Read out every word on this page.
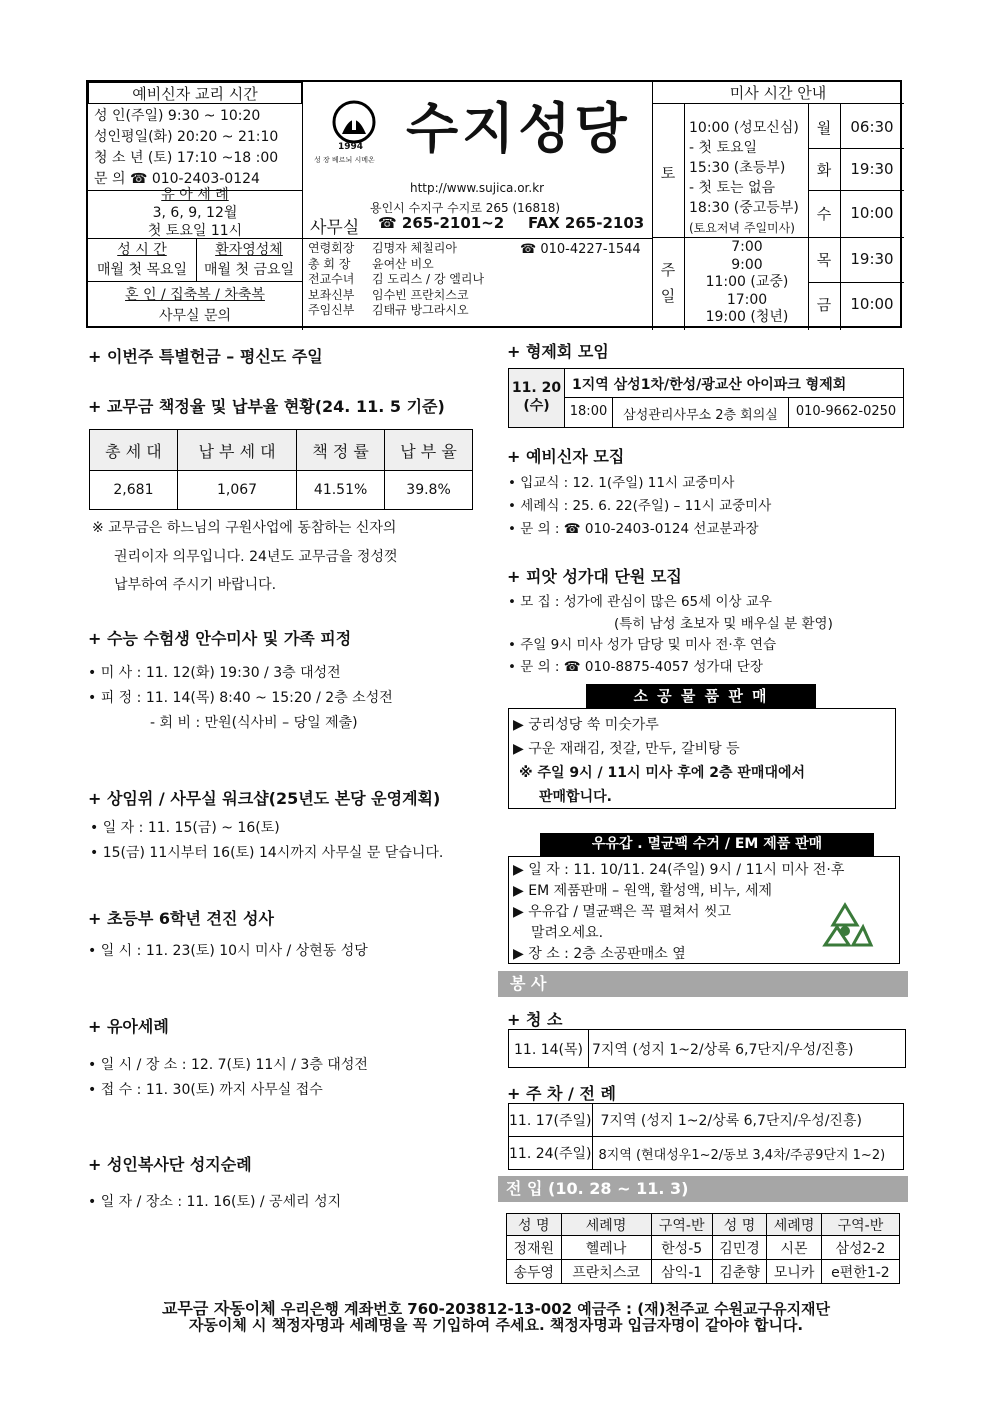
예비신자 교리 시간
성 인(주일) 9:30 ~ 10:20
성인평일(화) 20:20 ~ 21:10
청 소 년 (토) 17:10 ~18 :00
문 의 ☎ 010-2403-0124
유 아 세 례
3, 6, 9, 12월
첫 토요일 11시
성 시 간
매월 첫 목요일
환자영성체
매월 첫 금요일
혼 인 / 집축복 / 차축복
사무실 문의
1994
성 장 베르뇌 시메온 수지성당
http://www.sujica.or.kr
용인시 수지구 수지로 265 (16818)
사무실 ☎ 265-2101~2 FAX 265-2103
연령회장 김명자 체칠리아
총 회 장 윤여산 비오
전교수녀 김 도리스 / 강 엘리나
보좌신부 임수빈 프란치스코
주임신부 김태규 방그라시오
☎ 010-4227-1544
미사 시간 안내
토
10:00 (성모신심)
- 첫 토요일
15:30 (초등부)
- 첫 토는 없음
18:30 (중고등부)
(토요저녁 주일미사)
주
일
7:00
9:00
11:00 (교중)
17:00
19:00 (청년)
월	06:30
화	19:30
수	10:00
목	19:30
금	10:00
+ 이번주 특별헌금 – 평신도 주일
+ 교무금 책정율 및 납부율 현황(24. 11. 5 기준)
총 세 대	납 부 세 대	책 정 률	납 부 율
2,681	1,067	41.51%	39.8%
※ 교무금은 하느님의 구원사업에 동참하는 신자의
권리이자 의무입니다. 24년도 교무금을 정성껏
납부하여 주시기 바랍니다.
+ 수능 수험생 안수미사 및 가족 피정
• 미 사 : 11. 12(화) 19:30 / 3층 대성전
• 피 정 : 11. 14(목) 8:40 ~ 15:20 / 2층 소성전
- 회 비 : 만원(식사비 – 당일 제출)
+ 상임위 / 사무실 워크샵(25년도 본당 운영계획)
• 일 자 : 11. 15(금) ~ 16(토)
• 15(금) 11시부터 16(토) 14시까지 사무실 문 닫습니다.
+ 초등부 6학년 견진 성사
• 일 시 : 11. 23(토) 10시 미사 / 상현동 성당
+ 유아세례
• 일 시 / 장 소 : 12. 7(토) 11시 / 3층 대성전
• 접 수 : 11. 30(토) 까지 사무실 접수
+ 성인복사단 성지순례
• 일 자 / 장소 : 11. 16(토) / 공세리 성지
+ 형제회 모임
11. 20
(수)
1지역 삼성1차/한성/광교산 아이파크 형제회
18:00	삼성관리사무소 2층 회의실	010-9662-0250
+ 예비신자 모집
• 입교식 : 12. 1(주일) 11시 교중미사
• 세례식 : 25. 6. 22(주일) – 11시 교중미사
• 문 의 : ☎ 010-2403-0124 선교분과장
+ 피앗 성가대 단원 모집
• 모 집 : 성가에 관심이 많은 65세 이상 교우
(특히 남성 초보자 및 배우실 분 환영)
• 주일 9시 미사 성가 담당 및 미사 전·후 연습
• 문 의 : ☎ 010-8875-4057 성가대 단장
소 공 물 품 판 매
▶ 궁리성당 쑥 미숫가루
▶ 구운 재래김, 젓갈, 만두, 갈비탕 등
※ 주일 9시 / 11시 미사 후에 2층 판매대에서
판매합니다.
우유갑 . 멸균팩 수거 / EM 제품 판매
▶ 일 자 : 11. 10/11. 24(주일) 9시 / 11시 미사 전·후
▶ EM 제품판매 – 원액, 활성액, 비누, 세제
▶ 우유갑 / 멸균팩은 꼭 펼쳐서 씻고
말려오세요.
▶ 장 소 : 2층 소공판매소 옆
봉 사
+ 청 소
11. 14(목)	7지역 (성지 1~2/상록 6,7단지/우성/진흥)
+ 주 차 / 전 례
11. 17(주일)	7지역 (성지 1~2/상록 6,7단지/우성/진흥)
11. 24(주일)	8지역 (현대성우1~2/동보 3,4차/주공9단지 1~2)
전 입 (10. 28 ~ 11. 3)
성 명	세례명	구역-반	성 명	세례명	구역-반
정재원	헬레나	한성-5	김민경	시몬	삼성2-2
송두영	프란치스코	삼익-1	김춘향	모니카	e편한1-2
교무금 자동이체 우리은행 계좌번호 760-203812-13-002 예금주 : (재)천주교 수원교구유지재단
자동이체 시 책정자명과 세례명을 꼭 기입하여 주세요. 책정자명과 입금자명이 같아야 합니다.
